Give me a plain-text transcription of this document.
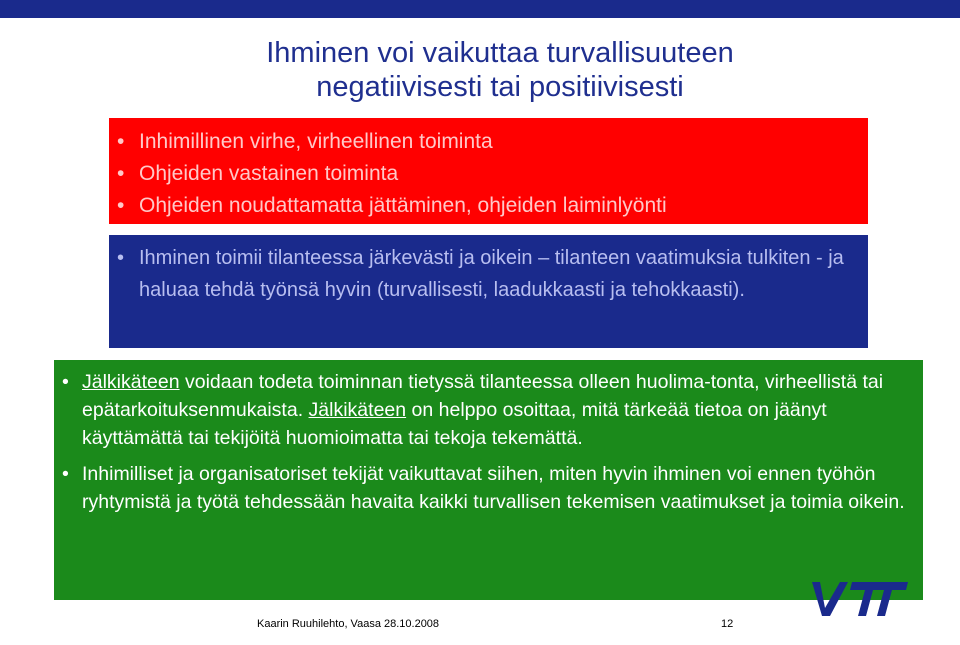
Ihminen voi vaikuttaa turvallisuuteen
negatiivisesti tai positiivisesti
• Inhimillinen virhe, virheellinen toiminta
• Ohjeiden vastainen toiminta
• Ohjeiden noudattamatta jättäminen, ohjeiden laiminlyönti
• Ihminen toimii tilanteessa järkevästi ja oikein – tilanteen vaatimuksia tulkiten - ja haluaa tehdä työnsä hyvin (turvallisesti, laadukkaasti ja tehokkaasti).
• Jälkikäteen voidaan todeta toiminnan tietyssä tilanteessa olleen huolima-tonta, virheellistä tai epätarkoituksenmukaista. Jälkikäteen on helppo osoittaa, mitä tärkeää tietoa on jäänyt käyttämättä tai tekijöitä huomioimatta tai tekoja tekemättä.
• Inhimilliset ja organisatoriset tekijät vaikuttavat siihen, miten hyvin ihminen voi ennen työhön ryhtymistä ja työtä tehdessään havaita kaikki turvallisen tekemisen vaatimukset ja toimia oikein.
Kaarin Ruuhilehto, Vaasa 28.10.2008	12
